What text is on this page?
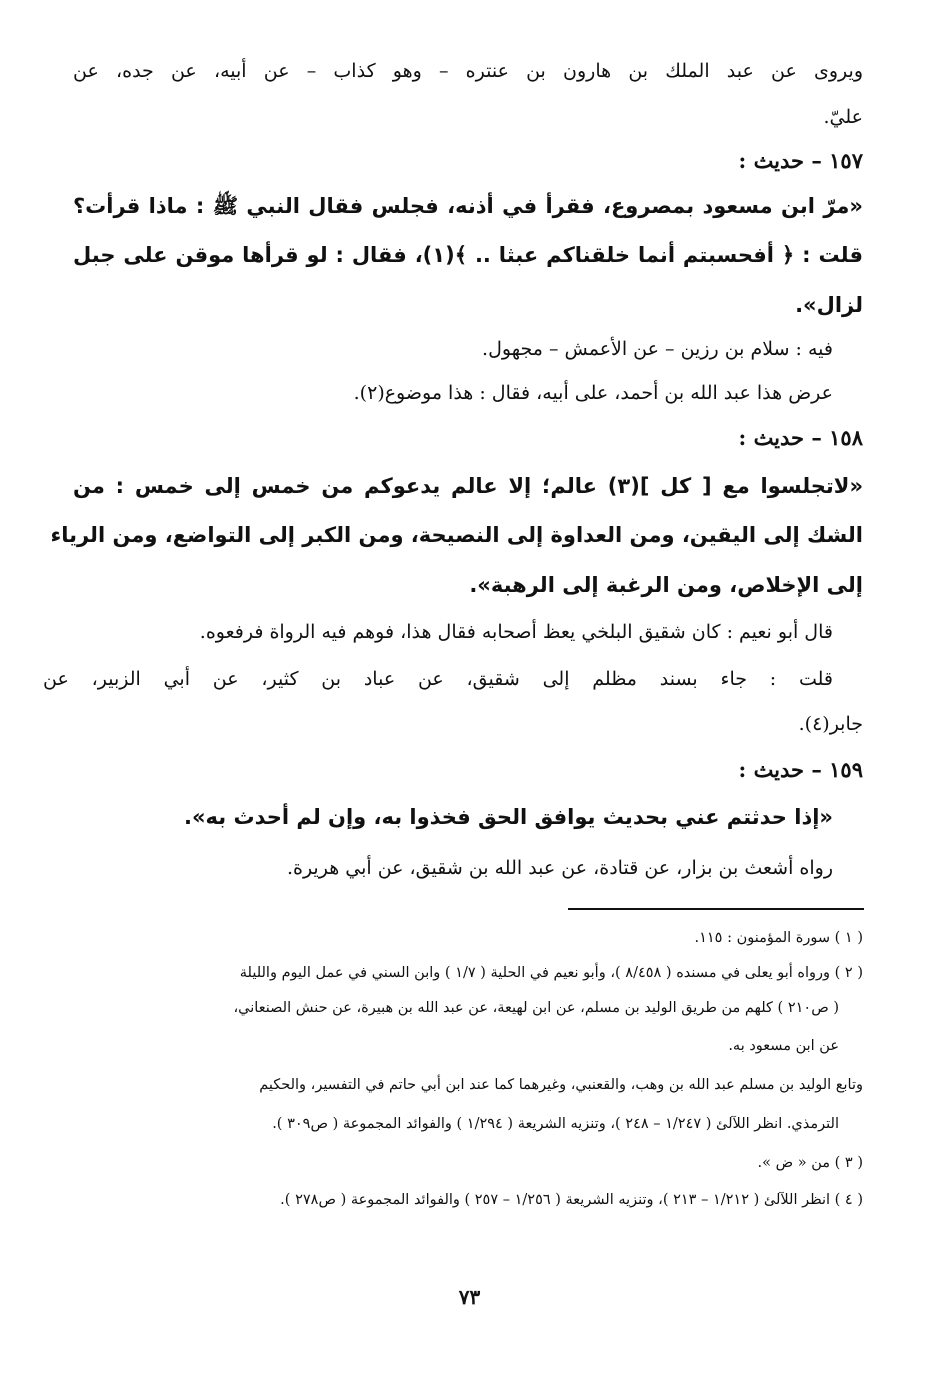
ويروى عن عبد الملك بن هارون بن عنتره – وهو كذاب – عن أبيه، عن جده، عن
عليّ.
١٥٧ – حديث :
«مرّ ابن مسعود بمصروع، فقرأ في أذنه، فجلس فقال النبي ﷺ : ماذا قرأت؟
قلت : ﴿ أفحسبتم أنما خلقناكم عبثا .. ﴾(١)، فقال : لو قرأها موقن على جبل
لزال».
فيه : سلام بن رزين – عن الأعمش – مجهول.
عرض هذا عبد الله بن أحمد، على أبيه، فقال : هذا موضوع(٢).
١٥٨ – حديث :
«لاتجلسوا مع [ كل ](٣) عالم؛ إلا عالم يدعوكم من خمس إلى خمس : من
الشك إلى اليقين، ومن العداوة إلى النصيحة، ومن الكبر إلى التواضع، ومن الرياء
إلى الإخلاص، ومن الرغبة إلى الرهبة».
قال أبو نعيم : كان شقيق البلخي يعظ أصحابه فقال هذا، فوهم فيه الرواة فرفعوه.
قلت : جاء بسند مظلم إلى شقيق، عن عباد بن كثير، عن أبي الزبير، عن
جابر(٤).
١٥٩ – حديث :
«إذا حدثتم عني بحديث يوافق الحق فخذوا به، وإن لم أحدث به».
رواه أشعث بن بزار، عن قتادة، عن عبد الله بن شقيق، عن أبي هريرة.
( ١ ) سورة المؤمنون : ١١٥.
( ٢ ) ورواه أبو يعلى في مسنده ( ٨/٤٥٨ )، وأبو نعيم في الحلية ( ١/٧ ) وابن السني في عمل اليوم والليلة
( ص٢١٠ ) كلهم من طريق الوليد بن مسلم، عن ابن لهيعة، عن عبد الله بن هبيرة، عن حنش الصنعاني،
عن ابن مسعود به.
وتابع الوليد بن مسلم عبد الله بن وهب، والقعنبي، وغيرهما كما عند ابن أبي حاتم في التفسير، والحكيم
الترمذي. انظر اللآلئ ( ١/٢٤٧ – ٢٤٨ )، وتنزيه الشريعة ( ١/٢٩٤ ) والفوائد المجموعة ( ص٣٠٩ ).
( ٣ ) من « ض ».
( ٤ ) انظر اللآلئ ( ١/٢١٢ – ٢١٣ )، وتنزيه الشريعة ( ١/٢٥٦ – ٢٥٧ ) والفوائد المجموعة ( ص٢٧٨ ).
٧٣
